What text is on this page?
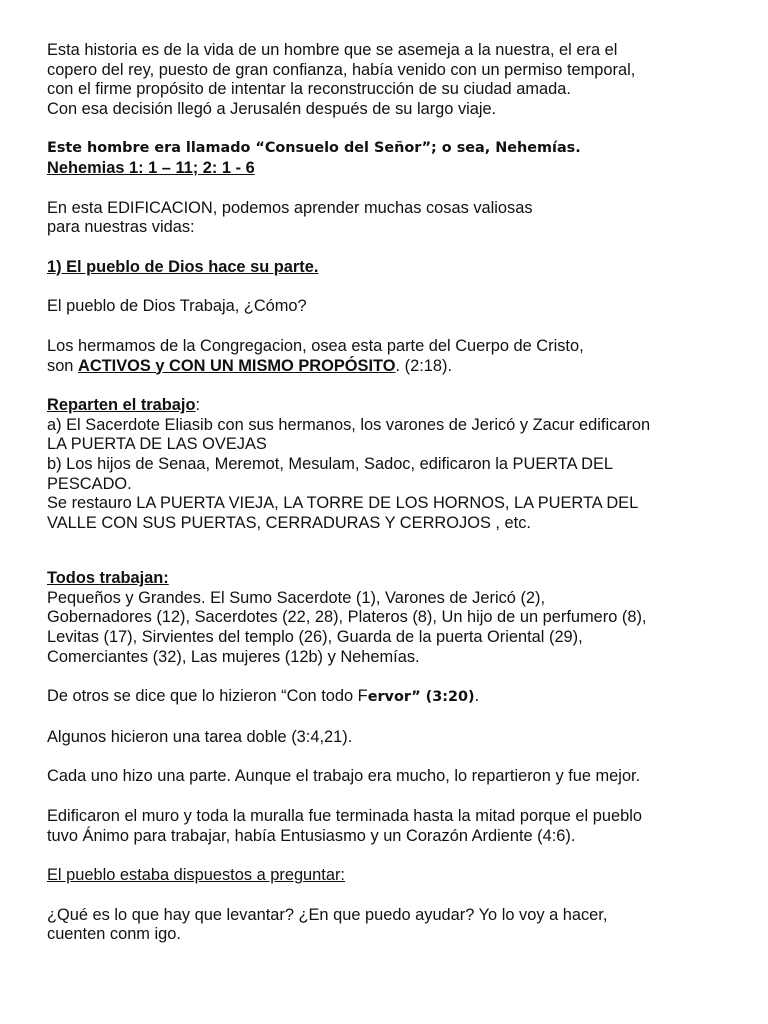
Esta historia es de la vida de un hombre que se asemeja a la nuestra, el era el
copero del rey, puesto de gran confianza, había venido con un permiso temporal,
con el firme propósito de intentar la reconstrucción de su ciudad amada.
Con esa decisión llegó a Jerusalén después de su largo viaje.

Este hombre era llamado “Consuelo del Señor”; o sea, Nehemías.
Nehemias 1: 1 – 11; 2: 1 - 6

En esta EDIFICACION, podemos aprender muchas cosas valiosas
para nuestras vidas:

1) El pueblo de Dios hace su parte.

El pueblo de Dios Trabaja, ¿Cómo?

Los hermamos de la Congregacion, osea esta parte del Cuerpo de Cristo,
son ACTIVOS y CON UN MISMO PROPÓSITO. (2:18).

Reparten el trabajo:
a) El Sacerdote Eliasib con sus hermanos, los varones de Jericó y Zacur edificaron
LA PUERTA DE LAS OVEJAS
b) Los hijos de Senaa, Meremot, Mesulam, Sadoc, edificaron la PUERTA DEL
PESCADO.
Se restauro LA PUERTA VIEJA, LA TORRE DE LOS HORNOS, LA PUERTA DEL
VALLE CON SUS PUERTAS, CERRADURAS Y CERROJOS , etc.

Todos trabajan:
Pequeños y Grandes. El Sumo Sacerdote (1), Varones de Jericó (2),
Gobernadores (12), Sacerdotes (22, 28), Plateros (8), Un hijo de un perfumero (8),
Levitas (17), Sirvientes del templo (26), Guarda de la puerta Oriental (29),
Comerciantes (32), Las mujeres (12b) y Nehemías.

De otros se dice que lo hizieron “Con todo Fervor” (3:20).

Algunos hicieron una tarea doble (3:4,21).

Cada uno hizo una parte. Aunque el trabajo era mucho, lo repartieron y fue mejor.

Edificaron el muro y toda la muralla fue terminada hasta la mitad porque el pueblo
tuvo Ánimo para trabajar, había Entusiasmo y un Corazón Ardiente (4:6).

El pueblo estaba dispuestos a preguntar:

¿Qué es lo que hay que levantar? ¿En que puedo ayudar? Yo lo voy a hacer,
cuenten conm igo.
